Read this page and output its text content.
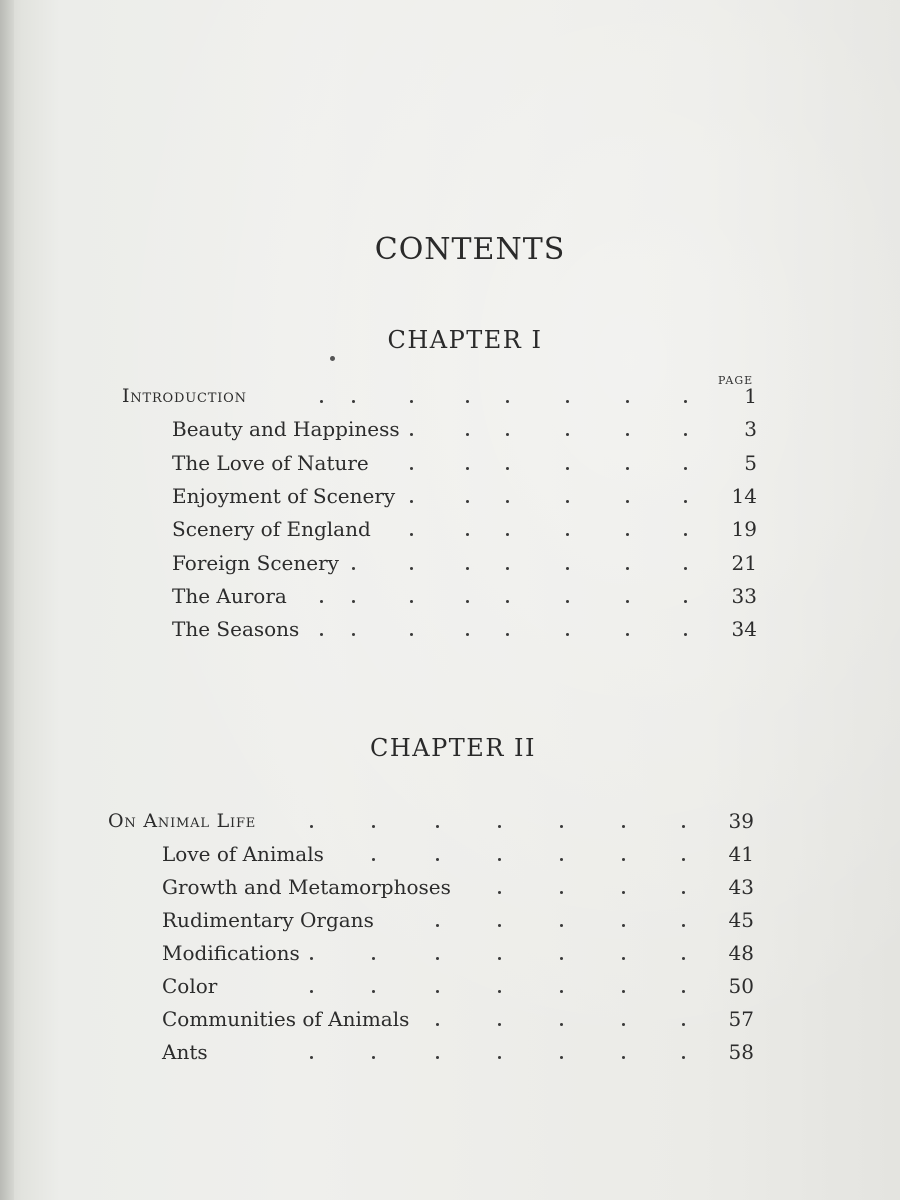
CONTENTS
CHAPTER I
PAGE
Introduction	1
Beauty and Happiness	3
The Love of Nature	5
Enjoyment of Scenery	14
Scenery of England	19
Foreign Scenery	21
The Aurora	33
The Seasons	34
CHAPTER II
On Animal Life	39
Love of Animals	41
Growth and Metamorphoses	43
Rudimentary Organs	45
Modifications	48
Color	50
Communities of Animals	57
Ants	58
